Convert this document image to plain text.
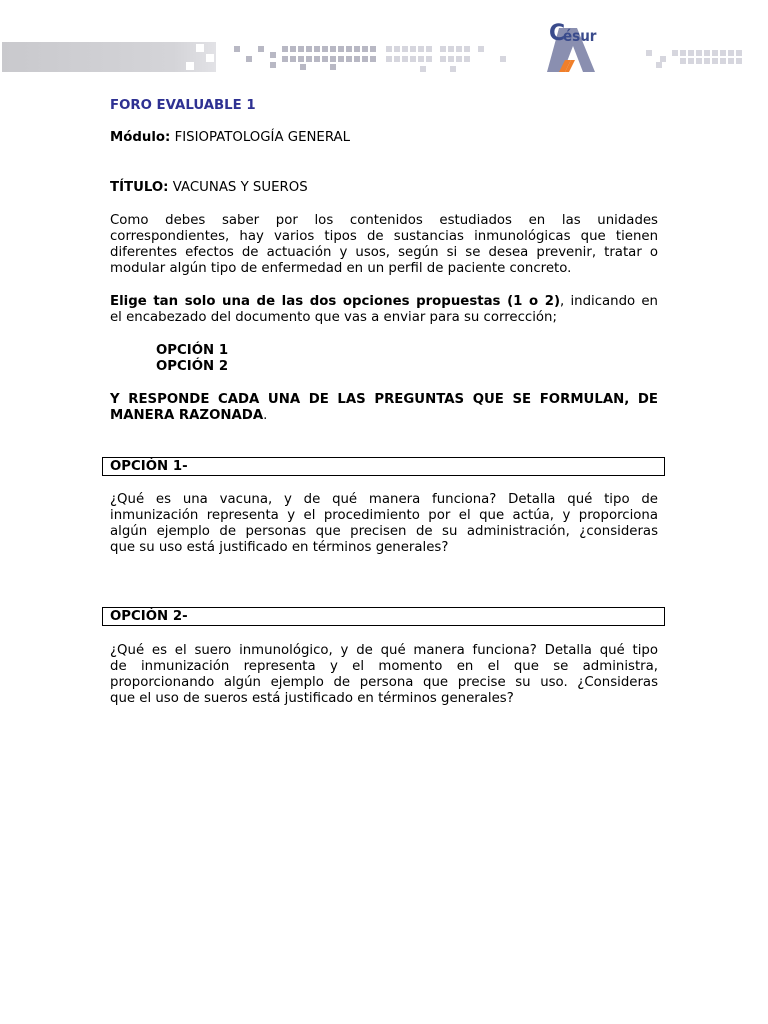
C
ésur
FORO EVALUABLE 1
Módulo: FISIOPATOLOGÍA GENERAL
TÍTULO: VACUNAS Y SUEROS
Como debes saber por los contenidos estudiados en las unidades
correspondientes, hay varios tipos de sustancias inmunológicas que tienen
diferentes efectos de actuación y usos, según si se desea prevenir, tratar o
modular algún tipo de enfermedad en un perfil de paciente concreto.
Elige tan solo una de las dos opciones propuestas (1 o 2), indicando en
el encabezado del documento que vas a enviar para su corrección;
OPCIÓN 1
OPCIÓN 2
Y RESPONDE CADA UNA DE LAS PREGUNTAS QUE SE FORMULAN, DE
MANERA RAZONADA.
OPCIÓN 1-
¿Qué es una vacuna, y de qué manera funciona? Detalla qué tipo de
inmunización representa y el procedimiento por el que actúa, y proporciona
algún ejemplo de personas que precisen de su administración, ¿consideras
que su uso está justificado en términos generales?
OPCIÓN 2-
¿Qué es el suero inmunológico, y de qué manera funciona? Detalla qué tipo
de inmunización representa y el momento en el que se administra,
proporcionando algún ejemplo de persona que precise su uso. ¿Consideras
que el uso de sueros está justificado en términos generales?
